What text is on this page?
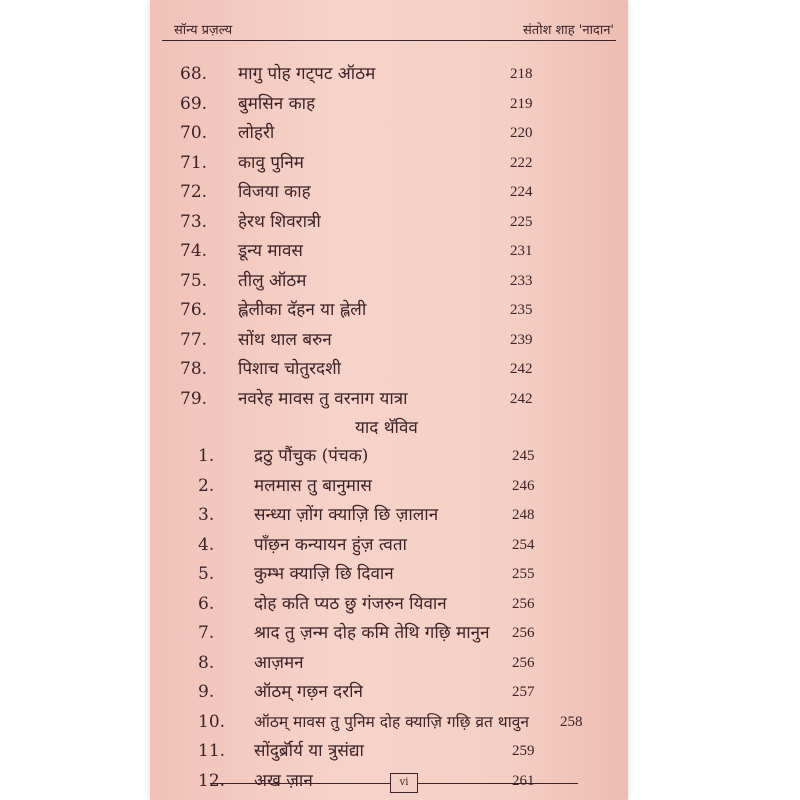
सॉन्य प्रज़ल्य	संतोश शाह 'नादान'
68.	मागु पोह गट्पट ऑठम	218
69.	बुमसिन काह	219
70.	लोहरी	220
71.	कावु पुनिम	222
72.	विजया काह	224
73.	हेरथ शिवरात्री	225
74.	डून्य मावस	231
75.	तीलु ऑठम	233
76.	ह्लेलीका दॅहन या ह्लेली	235
77.	सोंथ थाल बरुन	239
78.	पिशाच चोतुरदशी	242
79.	नवरेह मावस तु वरनाग यात्रा	242
याद थॅविव
1.	द्रठु पौंचुक (पंचक)	245
2.	मलमास तु बानुमास	246
3.	सन्ध्या ज़ोंग क्याज़ि छि ज़ालान	248
4.	पाँछ़न कन्यायन हुंज़ त्वता	254
5.	कुम्भ क्याज़ि छि दिवान	255
6.	दोह कति प्यठ छु गंजरुन यिवान	256
7.	श्राद तु ज़न्म दोह कमि तेथि गछ़ि मानुन 256
8.	आज़मन	256
9.	ऑठम् गछ़न दरनि	257
10.	ऑठम् मावस तु पुनिम दोह क्याज़ि गछ़ि व्रत थावुन 258
11.	सोंदुर्ब्रॉर्य या त्रुसंद्या	259
12.	अख ज़ान	261
vi
